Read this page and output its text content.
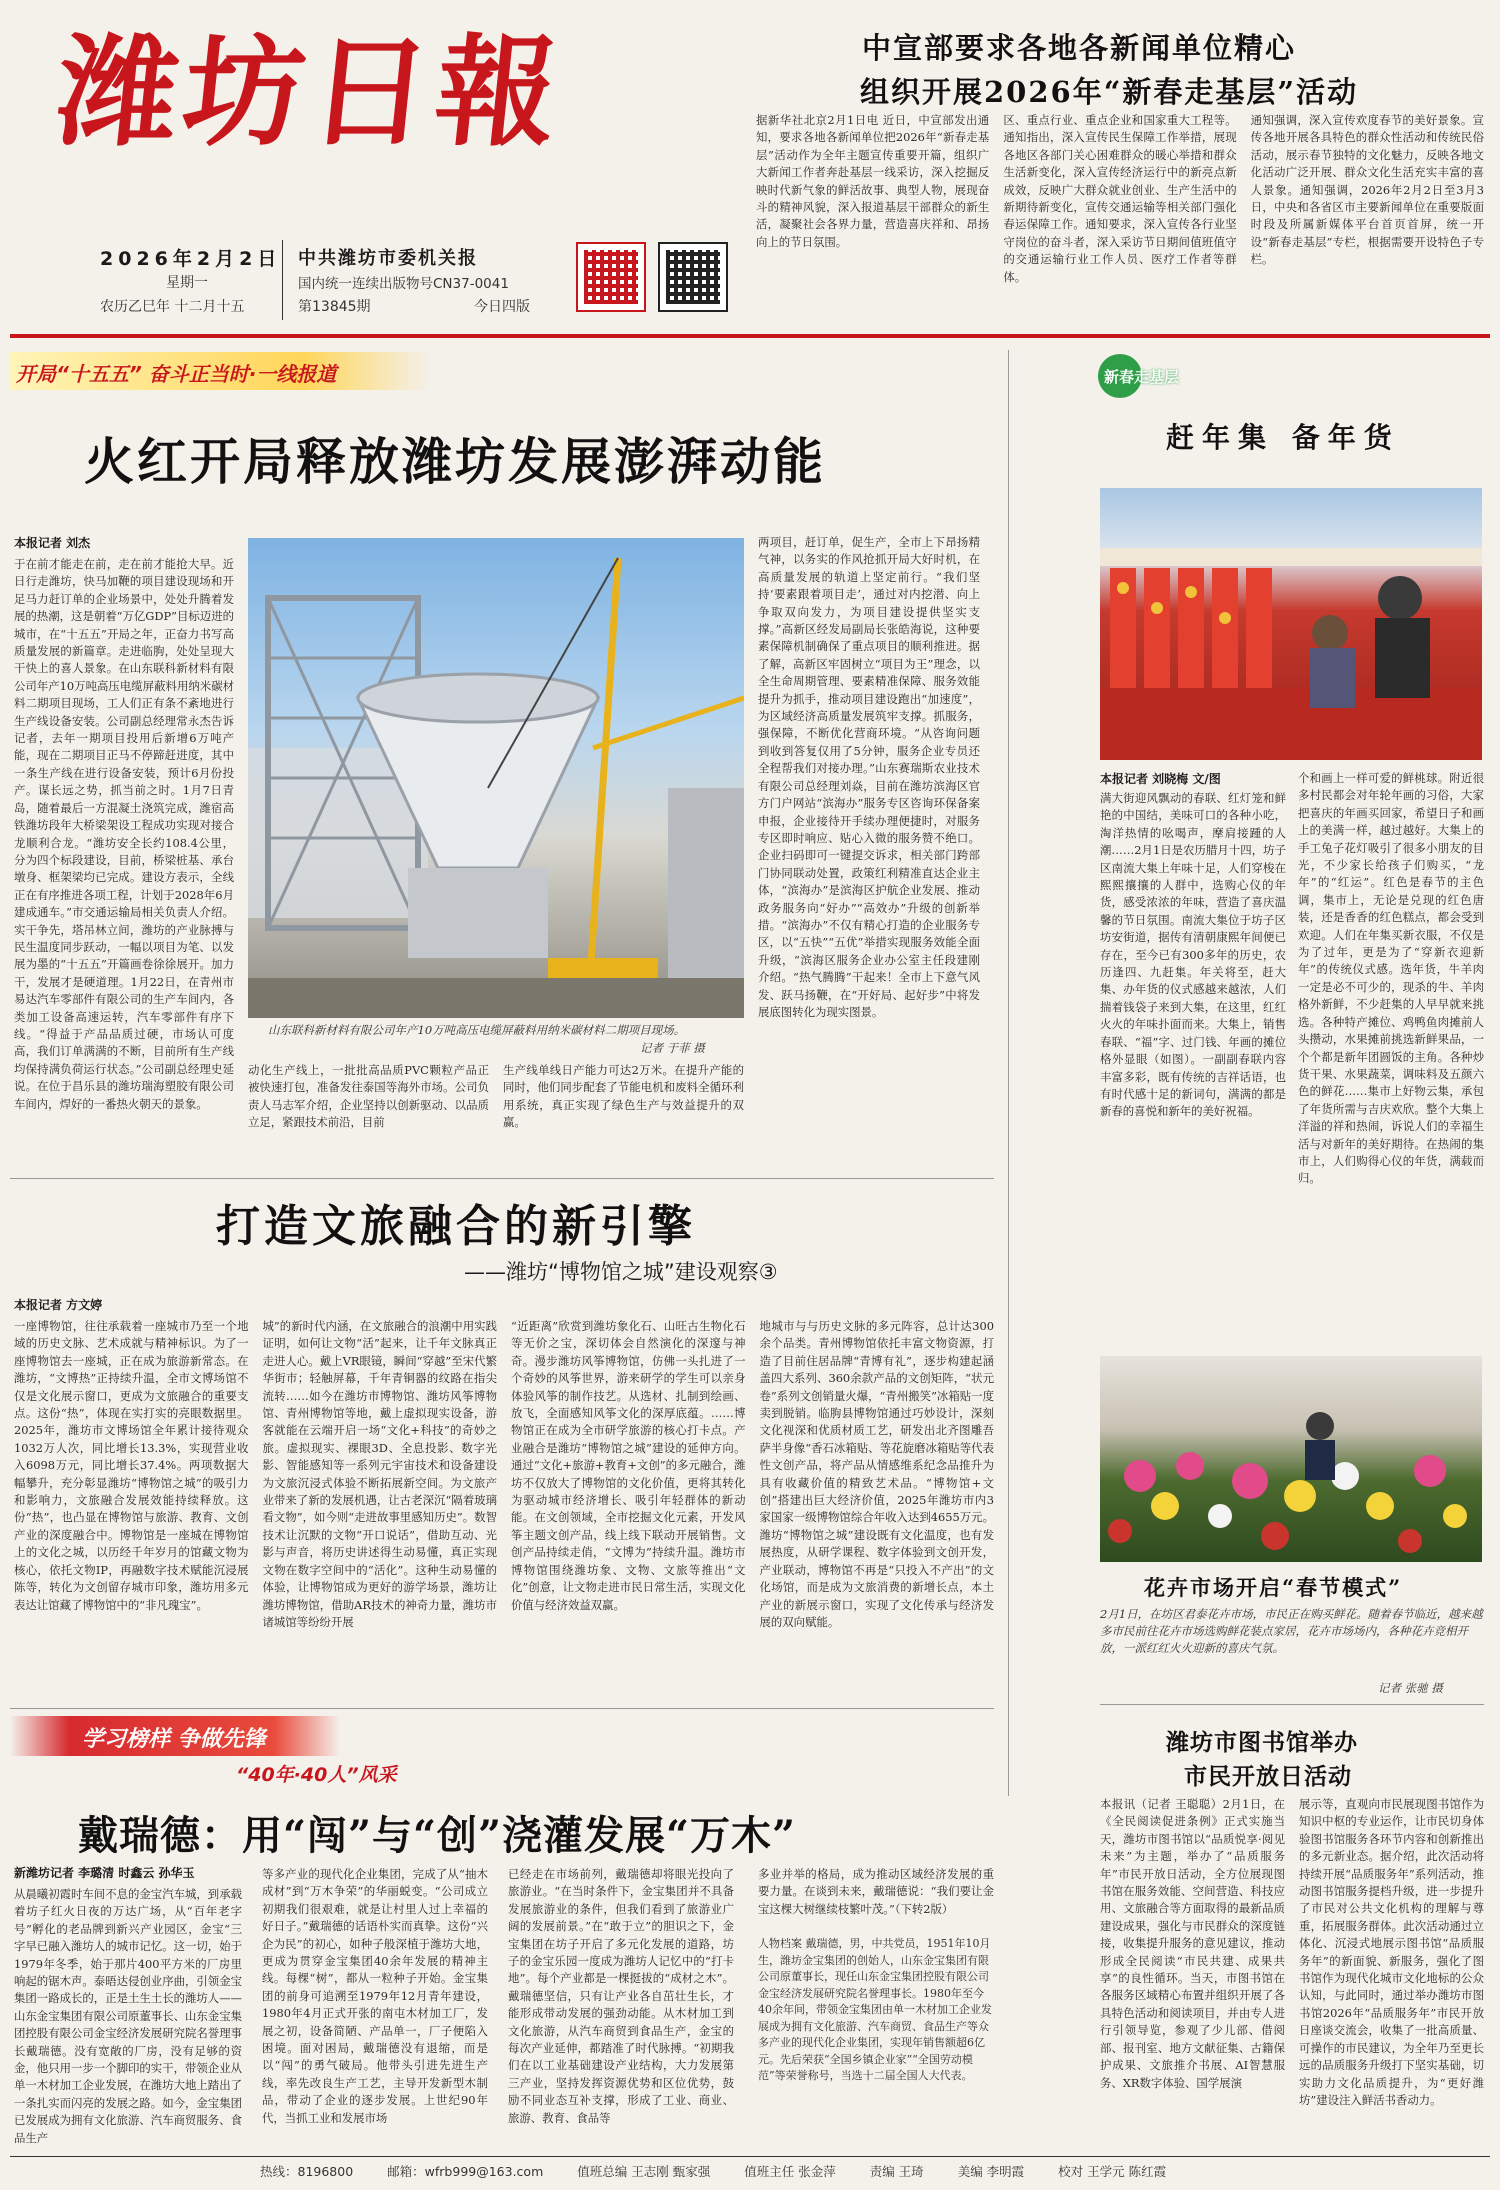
潍坊日報
2026年2月2日
星期一
农历乙巳年 十二月十五
中共潍坊市委机关报
国内统一连续出版物号CN37-0041
第13845期	今日四版
中宣部要求各地各新闻单位精心
组织开展2026年“新春走基层”活动

据新华社北京2月1日电 近日，中宣部发出通知，要求各地各新闻单位把2026年“新春走基层”活动作为全年主题宣传重要开篇，组织广大新闻工作者奔赴基层一线采访，深入挖掘反映时代新气象的鲜活故事、典型人物，展现奋斗的精神风貌，深入报道基层干部群众的新生活，凝聚社会各界力量，营造喜庆祥和、昂扬向上的节日氛围。

区、重点行业、重点企业和国家重大工程等。通知指出，深入宣传民生保障工作举措，展现各地区各部门关心困难群众的暖心举措和群众生活新变化，深入宣传经济运行中的新亮点新成效，反映广大群众就业创业、生产生活中的新期待新变化，宣传交通运输等相关部门强化春运保障工作。通知要求，深入宣传各行业坚守岗位的奋斗者，深入采访节日期间值班值守的交通运输行业工作人员、医疗工作者等群体。

通知强调，深入宣传欢度春节的美好景象。宣传各地开展各具特色的群众性活动和传统民俗活动，展示春节独特的文化魅力，反映各地文化活动广泛开展、群众文化生活充实丰富的喜人景象。通知强调，2026年2月2日至3月3日，中央和各省区市主要新闻单位在重要版面时段及所属新媒体平台首页首屏，统一开设“新春走基层”专栏，根据需要开设特色子专栏。

开局“十五五” 奋斗正当时·一线报道
火红开局释放潍坊发展澎湃动能
本报记者 刘杰

于在前才能走在前，走在前才能抢大早。近日行走潍坊，快马加鞭的项目建设现场和开足马力赶订单的企业场景中，处处升腾着发展的热潮，这是朝着“万亿GDP”目标迈进的城市，在“十五五”开局之年，正奋力书写高质量发展的新篇章。走进临朐，处处呈现大干快上的喜人景象。在山东联科新材料有限公司年产10万吨高压电缆屏蔽料用纳米碳材料二期项目现场，工人们正有条不紊地进行生产线设备安装。公司副总经理常永杰告诉记者，去年一期项目投用后新增6万吨产能，现在二期项目正马不停蹄赶进度，其中一条生产线在进行设备安装，预计6月份投产。谋长远之势，抓当前之时。1月7日青岛，随着最后一方混凝土浇筑完成，潍宿高铁潍坊段年大桥梁架设工程成功实现对接合龙顺利合龙。“潍坊安全长约108.4公里，分为四个标段建设，目前，桥梁桩基、承台墩身、框架梁均已完成。建设方表示，全线正在有序推进各项工程，计划于2028年6月建成通车。”市交通运输局相关负责人介绍。实干争先，塔吊林立间，潍坊的产业脉搏与民生温度同步跃动，一幅以项目为笔、以发展为墨的“十五五”开篇画卷徐徐展开。加力干，发展才是硬道理。1月22日，在青州市易达汽车零部件有限公司的生产车间内，各类加工设备高速运转，汽车零部件有序下线。“得益于产品品质过硬，市场认可度高，我们订单满满的不断，目前所有生产线均保持满负荷运行状态。”公司副总经理史延说。在位于昌乐县的潍坊瑞海塑胶有限公司车间内，焊好的一番热火朝天的景象。

山东联科新材料有限公司年产10万吨高压电缆屏蔽料用纳米碳材料二期项目现场。
记者 于菲 摄

动化生产线上，一批批高品质PVC颗粒产品正被快速打包，准备发往泰国等海外市场。公司负责人马志军介绍，企业坚持以创新驱动、以品质立足，紧跟技术前沿，目前

生产线单线日产能力可达2万米。在提升产能的同时，他们同步配套了节能电机和废料全循环利用系统，真正实现了绿色生产与效益提升的双赢。

两项目，赶订单，促生产，全市上下昂扬精气神，以务实的作风抢抓开局大好时机，在高质量发展的轨道上坚定前行。“我们坚持‘要素跟着项目走’，通过对内挖潜、向上争取双向发力，为项目建设提供坚实支撑。”高新区经发局副局长张皓海说，这种要素保障机制确保了重点项目的顺利推进。据了解，高新区牢固树立“项目为王”理念，以全生命周期管理、要素精准保障、服务效能提升为抓手，推动项目建设跑出“加速度”，为区域经济高质量发展筑牢支撑。抓服务，强保障，不断优化营商环境。“从咨询问题到收到答复仅用了5分钟，服务企业专员还全程帮我们对接办理。”山东赛瑞斯农业技术有限公司总经理刘焱，目前在潍坊滨海区官方门户网站“滨海办”服务专区咨询环保备案申报，企业接待开手续办理便捷时，对服务专区即时响应、贴心入微的服务赞不绝口。企业扫码即可一键提交诉求，相关部门跨部门协同联动处置，政策红利精准直达企业主体，“滨海办”是滨海区护航企业发展、推动政务服务向“好办”“高效办”升级的创新举措。“滨海办”不仅有精心打造的企业服务专区，以“五快”“五优”举措实现服务效能全面升级，“滨海区服务企业办公室主任段建刚介绍。“热气腾腾”干起来！全市上下意气风发、跃马扬鞭，在“开好局、起好步”中将发展底图转化为现实图景。

打造文旅融合的新引擎
——潍坊“博物馆之城”建设观察③
本报记者 方文婷

一座博物馆，往往承载着一座城市乃至一个地域的历史文脉、艺术成就与精神标识。为了一座博物馆去一座城，正在成为旅游新常态。在潍坊，“文博热”正持续升温，全市文博场馆不仅是文化展示窗口，更成为文旅融合的重要支点。这份“热”，体现在实打实的亮眼数据里。2025年，潍坊市文博场馆全年累计接待观众1032万人次，同比增长13.3%，实现营业收入6098万元，同比增长37.4%。两项数据大幅攀升，充分彰显潍坊“博物馆之城”的吸引力和影响力，文旅融合发展效能持续释放。这份“热”，也凸显在博物馆与旅游、教育、文创产业的深度融合中。博物馆是一座城在博物馆上的文化之城，以历经千年岁月的馆藏文物为核心，依托文物IP，再融数字技术赋能沉浸展陈等，转化为文创留存城市印象，潍坊用多元表达让馆藏了博物馆中的“非凡瑰宝”。

城”的新时代内涵，在文旅融合的浪潮中用实践证明，如何让文物“活”起来，让千年文脉真正走进人心。戴上VR眼镜，瞬间“穿越”至宋代繁华街市；轻触屏幕，千年青铜器的纹路在指尖流转……如今在潍坊市博物馆、潍坊风筝博物馆、青州博物馆等地，戴上虚拟现实设备，游客就能在云端开启一场“文化+科技”的奇妙之旅。虚拟现实、裸眼3D、全息投影、数字光影、智能感知等一系列元宇宙技术和设备建设为文旅沉浸式体验不断拓展新空间。为文旅产业带来了新的发展机遇，让古老深沉“隔着玻璃看文物”，如今则“走进故事里感知历史”。数智技术让沉默的文物“开口说话”，借助互动、光影与声音，将历史讲述得生动易懂，真正实现文物在数字空间中的“活化”。这种生动易懂的体验，让博物馆成为更好的游学场景，潍坊让潍坊博物馆，借助AR技术的神奇力量，潍坊市诸城馆等纷纷开展

“近距离”欣赏到潍坊象化石、山旺古生物化石等无价之宝，深切体会自然演化的深邃与神奇。漫步潍坊风筝博物馆，仿佛一头扎进了一个奇妙的风筝世界，游来研学的学生可以亲身体验风筝的制作技艺。从选材、扎制到绘画、放飞，全面感知风筝文化的深厚底蕴。……博物馆正在成为全市研学旅游的核心打卡点。产业融合是潍坊“博物馆之城”建设的延伸方向。通过“文化+旅游+教育+文创”的多元融合，潍坊不仅放大了博物馆的文化价值，更将其转化为驱动城市经济增长、吸引年轻群体的新动能。在文创领域，全市挖掘文化元素，开发风筝主题文创产品，线上线下联动开展销售。文创产品持续走俏，“文博为”持续升温。潍坊市博物馆围绕潍坊象、文物、文旅等推出“文化”创意，让文物走进市民日常生活，实现文化价值与经济效益双赢。

地城市与与历史文脉的多元阵容，总计达300余个品类。青州博物馆依托丰富文物资源，打造了目前住居品牌“青博有礼”，逐步构建起涵盖四大系列、360余款产品的文创矩阵，“状元卷”系列文创销量火爆，“青州搬笑”冰箱贴一度卖到脱销。临朐县博物馆通过巧妙设计，深刻文化视深和优质材质工艺，研发出北齐图雕吾萨半身像“香石冰箱贴、等花旋磨冰箱贴等代表性文创产品，将产品从情感维系纪念品推升为具有收藏价值的精致艺术品。“博物馆+文创”搭建出巨大经济价值，2025年潍坊市内3家国家一级博物馆综合年收入达到4655万元。潍坊“博物馆之城”建设既有文化温度，也有发展热度，从研学课程、数字体验到文创开发，产业联动，博物馆不再是“只投入不产出”的文化场馆，而是成为文旅消费的新增长点，本土产业的新展示窗口，实现了文化传承与经济发展的双向赋能。

学习榜样 争做先锋
“40年·40人”风采
戴瑞德：用“闯”与“创”浇灌发展“万木”
新潍坊记者 李璐清 时鑫云 孙华玉

从晨曦初霞时车间不息的金宝汽车城，到承载着坊子红火日夜的万达广场，从“百年老字号”孵化的老品牌到新兴产业园区，金宝“三字早已融入潍坊人的城市记忆。这一切，始于1979年冬季，始于那片400平方米的厂房里响起的锯木声。泰晤达侵创业序曲，引领金宝集团一路成长的，正是土生土长的潍坊人——山东金宝集团有限公司原董事长、山东金宝集团控股有限公司金宝经济发展研究院名誉理事长戴瑞德。没有宽敞的厂房，没有足够的资金，他只用一步一个脚印的实干，带领企业从单一木材加工企业发展，在潍坊大地上踏出了一条扎实而闪亮的发展之路。如今，金宝集团已发展成为拥有文化旅游、汽车商贸服务、食品生产

等多产业的现代化企业集团，完成了从“抽木成材”到“万木争荣”的华丽蜕变。“公司成立初期我们很艰难，就是让村里人过上幸福的好日子。”戴瑞德的话语朴实而真挚。这份“兴企为民”的初心，如种子般深植于潍坊大地，更成为贯穿金宝集团40余年发展的精神主线。每棵“树”，都从一粒种子开始。金宝集团的前身可追溯至1979年12月青年建设，1980年4月正式开张的南屯木材加工厂，发展之初，设备简陋、产品单一，厂子便陷入困境。面对困局，戴瑞德没有退缩，而是以“闯”的勇气破局。他带头引进先进生产线，率先改良生产工艺，主导开发新型木制品，带动了企业的逐步发展。上世纪90年代，当抓工业和发展市场

已经走在市场前列，戴瑞德却将眼光投向了旅游业。“在当时条件下，金宝集团并不具备发展旅游业的条件，但我们看到了旅游业广阔的发展前景。”在“敢于立”的胆识之下，金宝集团在坊子开启了多元化发展的道路，坊子的金宝乐园一度成为潍坊人记忆中的“打卡地”。每个产业都是一棵挺拔的“成材之木”。戴瑞德坚信，只有让产业各自茁壮生长，才能形成带动发展的强劲动能。从木材加工到文化旅游，从汽车商贸到食品生产，金宝的每次产业延伸，都踏准了时代脉搏。“初期我们在以工业基础建设产业结构，大力发展第三产业，坚持发挥资源优势和区位优势，鼓励不同业态互补支撑，形成了工业、商业、旅游、教育、食品等

多业并举的格局，成为推动区域经济发展的重要力量。在谈到未来，戴瑞德说：“我们要让金宝这棵大树继续枝繁叶茂。”（下转2版）

人物档案 戴瑞德，男，中共党员，1951年10月生，潍坊金宝集团的创始人，山东金宝集团有限公司原董事长，现任山东金宝集团控股有限公司金宝经济发展研究院名誉理事长。1980年至今40余年间，带领金宝集团由单一木材加工企业发展成为拥有文化旅游、汽车商贸、食品生产等众多产业的现代化企业集团，实现年销售额超6亿元。先后荣获“全国乡镇企业家”“全国劳动模范”等荣誉称号，当选十二届全国人大代表。

新春走基层
赶年集 备年货
本报记者 刘晓梅 文/图

满大街迎风飘动的春联、红灯笼和鲜艳的中国结，美味可口的各种小吃，淘洋热情的吆喝声，摩肩接踵的人潮……2月1日是农历腊月十四，坊子区南流大集上年味十足，人们穿梭在熙熙攘攘的人群中，选购心仪的年货，感受浓浓的年味，营造了喜庆温馨的节日氛围。南流大集位于坊子区坊安街道，据传有清朝康熙年间便已存在，至今已有300多年的历史，农历逢四、九赶集。年关将至，赶大集、办年货的仪式感越来越浓，人们揣着钱袋子来到大集，在这里，红红火火的年味扑面而来。大集上，销售春联、“福”字、过门钱、年画的摊位格外显眼（如图）。一副副春联内容丰富多彩，既有传统的吉祥话语，也有时代感十足的新词句，满满的都是新春的喜悦和新年的美好祝福。

个和画上一样可爱的鲜桃球。附近很多村民都会对年轮年画的习俗，大家把喜庆的年画买回家，希望日子和画上的美满一样，越过越好。大集上的手工兔子花灯吸引了很多小朋友的目光，不少家长给孩子们购买，“龙年”的“红运”。红色是春节的主色调，集市上，无论是兑现的红色唐装，还是香香的红色糕点，都会受到欢迎。人们在年集买新衣服，不仅是为了过年，更是为了“穿新衣迎新年”的传统仪式感。选年货，牛羊肉一定是必不可少的，现杀的牛、羊肉格外新鲜，不少赶集的人早早就来挑选。各种特产摊位、鸡鸭鱼肉摊前人头攒动，水果摊前挑选新鲜果品，一个个都是新年团圆饭的主角。各种炒货干果、水果蔬菜，调味料及五颜六色的鲜花……集市上好物云集，承包了年货所需与吉庆欢欣。整个大集上洋溢的祥和热闹，诉说人们的幸福生活与对新年的美好期待。在热闹的集市上，人们购得心仪的年货，满载而归。

花卉市场开启“春节模式”

2月1日，在坊区君泰花卉市场，市民正在购买鲜花。随着春节临近，越来越多市民前往花卉市场选购鲜花装点家居，花卉市场场内，各种花卉竞相开放，一派红红火火迎新的喜庆气氛。

记者 张驰 摄
潍坊市图书馆举办
市民开放日活动

本报讯（记者 王聪聪）2月1日，在《全民阅读促进条例》正式实施当天，潍坊市图书馆以“品质悦享·阅见未来”为主题，举办了“品质服务年”市民开放日活动，全方位展现图书馆在服务效能、空间营造、科技应用、文旅融合等方面取得的最新品质建设成果，强化与市民群众的深度链接，收集提升服务的意见建议，推动形成全民阅读“市民共建、成果共享”的良性循环。当天，市图书馆在各服务区域精心布置并组织开展了各具特色活动和阅读项目，并由专人进行引领导览，参观了少儿部、借阅部、报刊室、地方文献征集、古籍保护成果、文旅推介书展、AI智慧服务、XR数字体验、国学展演

展示等，直观向市民展现图书馆作为知识中枢的专业运作，让市民切身体验图书馆服务各环节内容和创新推出的多元新业态。据介绍，此次活动将持续开展“品质服务年”系列活动，推动图书馆服务提档升级，进一步提升了市民对公共文化机构的理解与尊重，拓展服务群体。此次活动通过立体化、沉浸式地展示图书馆“品质服务年”的新面貌、新服务，强化了图书馆作为现代化城市文化地标的公众认知，与此同时，通过举办潍坊市图书馆2026年“品质服务年”市民开放日座谈交流会，收集了一批高质量、可操作的市民建议，为全年乃至更长远的品质服务升级打下坚实基础，切实助力文化品质提升，为“更好潍坊”建设注入鲜活书香动力。

热线：8196800	邮箱：wfrb999@163.com	值班总编 王志刚 甄家强	值班主任 张金萍	责编 王琦	美编 李明霞	校对 王学元 陈红霞
